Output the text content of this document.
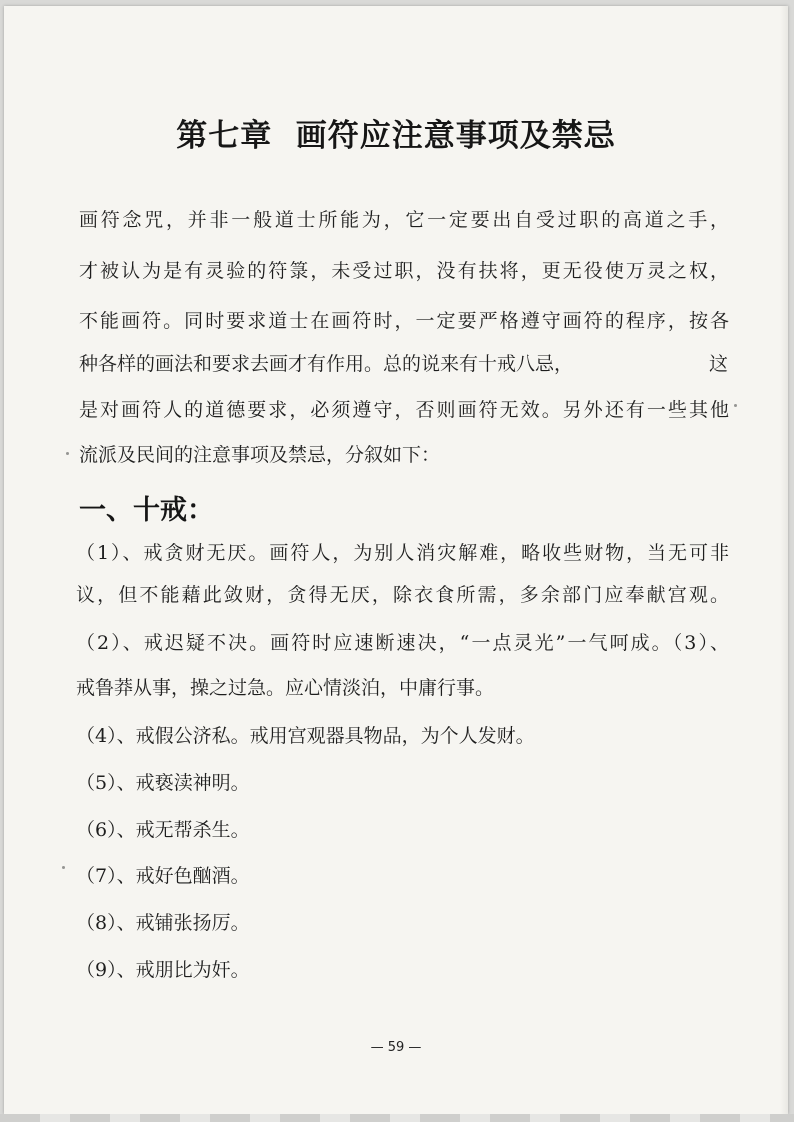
第七章  画符应注意事项及禁忌
画符念咒，并非一般道士所能为，它一定要出自受过职的高道之手，
才被认为是有灵验的符箓，未受过职，没有扶将，更无役使万灵之权，
不能画符。同时要求道士在画符时，一定要严格遵守画符的程序，按各
种各样的画法和要求去画才有作用。总的说来有十戒八忌，	这
是对画符人的道德要求，必须遵守，否则画符无效。另外还有一些其他
流派及民间的注意事项及禁忌，分叙如下：
一、十戒：
（1）、戒贪财无厌。画符人，为别人消灾解难，略收些财物，当无可非
议，但不能藉此敛财，贪得无厌，除衣食所需，多余部门应奉献宫观。
（2）、戒迟疑不决。画符时应速断速决，“一点灵光”一气呵成。（3）、
戒鲁莽从事，操之过急。应心情淡泊，中庸行事。
（4）、戒假公济私。戒用宫观器具物品，为个人发财。
（5）、戒亵渎神明。
（6）、戒无帮杀生。
（7）、戒好色酗酒。
（8）、戒铺张扬厉。
（9）、戒朋比为奸。
— 59 —
